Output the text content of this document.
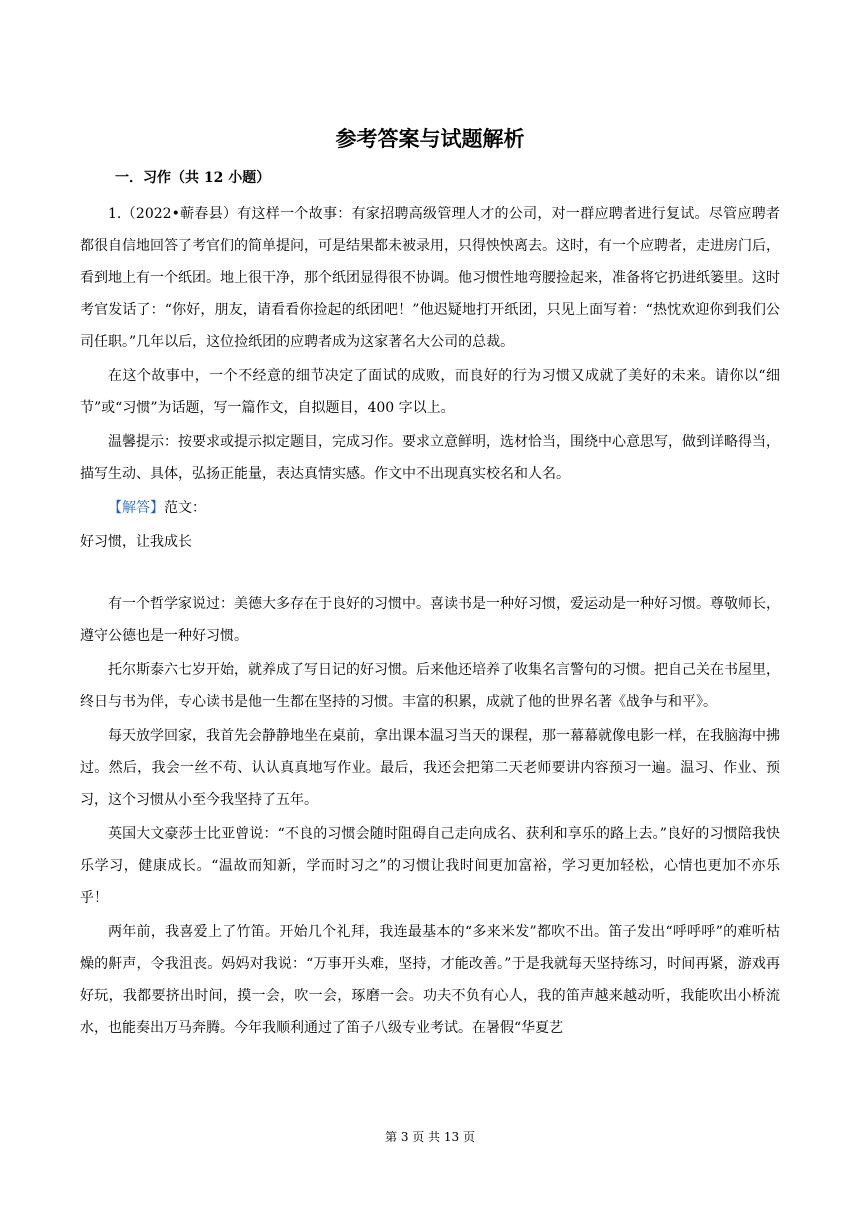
参考答案与试题解析
一．习作（共 12 小题）

1.（2022•蕲春县）有这样一个故事：有家招聘高级管理人才的公司，对一群应聘者进行复试。尽管应聘者都很自信地回答了考官们的简单提问，可是结果都未被录用，只得怏怏离去。这时，有一个应聘者，走进房门后，看到地上有一个纸团。地上很干净，那个纸团显得很不协调。他习惯性地弯腰捡起来，准备将它扔进纸篓里。这时考官发话了：“你好，朋友，请看看你捡起的纸团吧！”他迟疑地打开纸团，只见上面写着：“热忱欢迎你到我们公司任职。”几年以后，这位捡纸团的应聘者成为这家著名大公司的总裁。

在这个故事中，一个不经意的细节决定了面试的成败，而良好的行为习惯又成就了美好的未来。请你以“细节”或“习惯”为话题，写一篇作文，自拟题目，400 字以上。

温馨提示：按要求或提示拟定题目，完成习作。要求立意鲜明，选材恰当，围绕中心意思写，做到详略得当，描写生动、具体，弘扬正能量，表达真情实感。作文中不出现真实校名和人名。

【解答】范文：

好习惯，让我成长

有一个哲学家说过：美德大多存在于良好的习惯中。喜读书是一种好习惯，爱运动是一种好习惯。尊敬师长，遵守公德也是一种好习惯。

托尔斯泰六七岁开始，就养成了写日记的好习惯。后来他还培养了收集名言警句的习惯。把自己关在书屋里，终日与书为伴，专心读书是他一生都在坚持的习惯。丰富的积累，成就了他的世界名著《战争与和平》。

每天放学回家，我首先会静静地坐在桌前，拿出课本温习当天的课程，那一幕幕就像电影一样，在我脑海中拂过。然后，我会一丝不苟、认认真真地写作业。最后，我还会把第二天老师要讲内容预习一遍。温习、作业、预习，这个习惯从小至今我坚持了五年。

英国大文豪莎士比亚曾说：“不良的习惯会随时阻碍自己走向成名、获利和享乐的路上去。”良好的习惯陪我快乐学习，健康成长。“温故而知新，学而时习之”的习惯让我时间更加富裕，学习更加轻松，心情也更加不亦乐乎！

两年前，我喜爱上了竹笛。开始几个礼拜，我连最基本的“多来米发”都吹不出。笛子发出“呼呼呼”的难听枯燥的鼾声，令我沮丧。妈妈对我说：“万事开头难，坚持，才能改善。”于是我就每天坚持练习，时间再紧，游戏再好玩，我都要挤出时间，摸一会，吹一会，琢磨一会。功夫不负有心人，我的笛声越来越动听，我能吹出小桥流水，也能奏出万马奔腾。今年我顺利通过了笛子八级专业考试。在暑假“华夏艺

第 3 页 共 13 页
